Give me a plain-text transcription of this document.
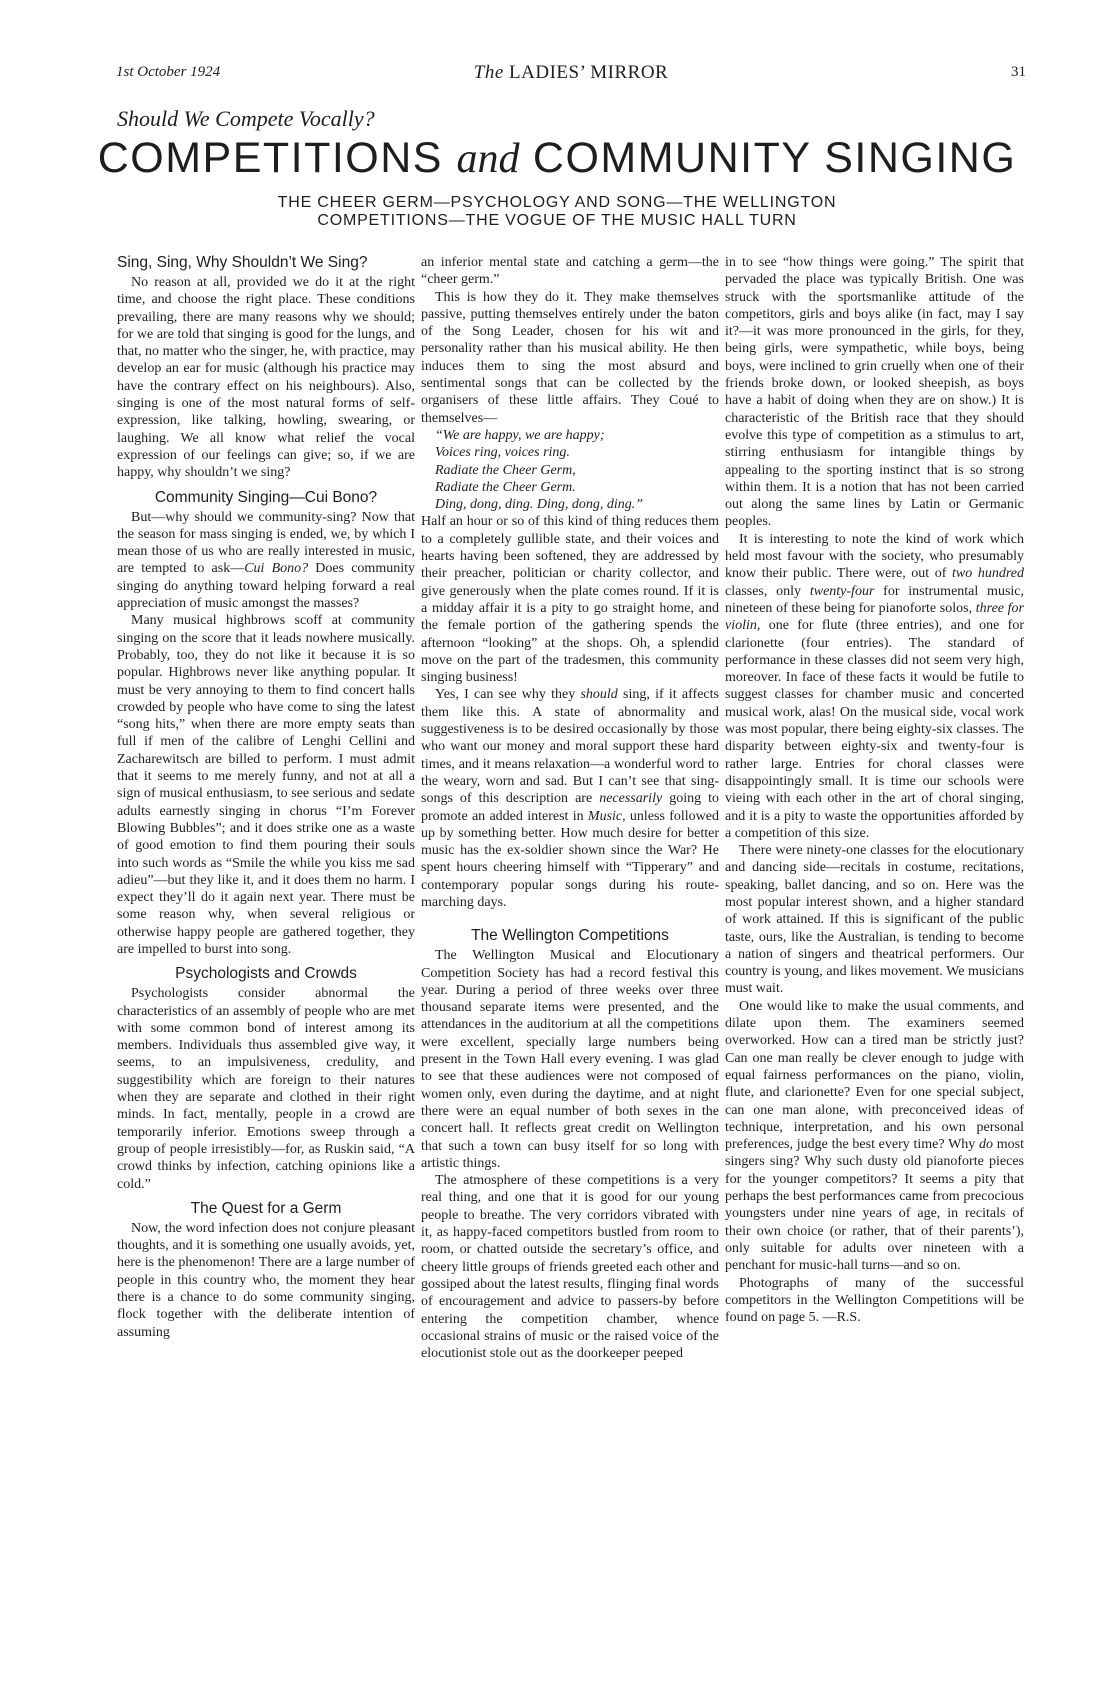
1st October 1924	The LADIES’ MIRROR	31
Should We Compete Vocally?
COMPETITIONS and COMMUNITY SINGING

THE CHEER GERM—PSYCHOLOGY AND SONG—THE WELLINGTON

COMPETITIONS—THE VOGUE OF THE MUSIC HALL TURN

Sing, Sing, Why Shouldn’t We Sing?

No reason at all, provided we do it at the right time, and choose the right place. These conditions prevailing, there are many reasons why we should; for we are told that singing is good for the lungs, and that, no matter who the singer, he, with practice, may develop an ear for music (although his practice may have the contrary effect on his neighbours). Also, singing is one of the most natural forms of self-expression, like talking, howling, swearing, or laughing. We all know what relief the vocal expression of our feelings can give; so, if we are happy, why shouldn’t we sing?

Community Singing—Cui Bono?

But—why should we community-sing? Now that the season for mass singing is ended, we, by which I mean those of us who are really interested in music, are tempted to ask—Cui Bono? Does community singing do anything toward helping forward a real appreciation of music amongst the masses?

Many musical highbrows scoff at community singing on the score that it leads nowhere musically. Probably, too, they do not like it because it is so popular. Highbrows never like anything popular. It must be very annoying to them to find concert halls crowded by people who have come to sing the latest “song hits,” when there are more empty seats than full if men of the calibre of Lenghi Cellini and Zacharewitsch are billed to perform. I must admit that it seems to me merely funny, and not at all a sign of musical enthusiasm, to see serious and sedate adults earnestly singing in chorus “I’m Forever Blowing Bubbles”; and it does strike one as a waste of good emotion to find them pouring their souls into such words as “Smile the while you kiss me sad adieu”—but they like it, and it does them no harm. I expect they’ll do it again next year. There must be some reason why, when several religious or otherwise happy people are gathered together, they are impelled to burst into song.

Psychologists and Crowds

Psychologists consider abnormal the characteristics of an assembly of people who are met with some common bond of interest among its members. Individuals thus assembled give way, it seems, to an impulsiveness, credulity, and suggestibility which are foreign to their natures when they are separate and clothed in their right minds. In fact, mentally, people in a crowd are temporarily inferior. Emotions sweep through a group of people irresistibly—for, as Ruskin said, “A crowd thinks by infection, catching opinions like a cold.”

The Quest for a Germ

Now, the word infection does not conjure pleasant thoughts, and it is something one usually avoids, yet, here is the phenomenon! There are a large number of people in this country who, the moment they hear there is a chance to do some community singing, flock together with the deliberate intention of assuming

an inferior mental state and catching a germ—the “cheer germ.”

This is how they do it. They make themselves passive, putting themselves entirely under the baton of the Song Leader, chosen for his wit and personality rather than his musical ability. He then induces them to sing the most absurd and sentimental songs that can be collected by the organisers of these little affairs. They Coué to themselves—

“We are happy, we are happy;

Voices ring, voices ring.

Radiate the Cheer Germ,

Radiate the Cheer Germ.

Ding, dong, ding. Ding, dong, ding.”

Half an hour or so of this kind of thing reduces them to a completely gullible state, and their voices and hearts having been softened, they are addressed by their preacher, politician or charity collector, and give generously when the plate comes round. If it is a midday affair it is a pity to go straight home, and the female portion of the gathering spends the afternoon “looking” at the shops. Oh, a splendid move on the part of the tradesmen, this community singing business!

Yes, I can see why they should sing, if it affects them like this. A state of abnormality and suggestiveness is to be desired occasionally by those who want our money and moral support these hard times, and it means relaxation—a wonderful word to the weary, worn and sad. But I can’t see that sing-songs of this description are necessarily going to promote an added interest in Music, unless followed up by something better. How much desire for better music has the ex-soldier shown since the War? He spent hours cheering himself with “Tipperary” and contemporary popular songs during his route-marching days.

The Wellington Competitions

The Wellington Musical and Elocutionary Competition Society has had a record festival this year. During a period of three weeks over three thousand separate items were presented, and the attendances in the auditorium at all the competitions were excellent, specially large numbers being present in the Town Hall every evening. I was glad to see that these audiences were not composed of women only, even during the daytime, and at night there were an equal number of both sexes in the concert hall. It reflects great credit on Wellington that such a town can busy itself for so long with artistic things.

The atmosphere of these competitions is a very real thing, and one that it is good for our young people to breathe. The very corridors vibrated with it, as happy-faced competitors bustled from room to room, or chatted outside the secretary’s office, and cheery little groups of friends greeted each other and gossiped about the latest results, flinging final words of encouragement and advice to passers-by before entering the competition chamber, whence occasional strains of music or the raised voice of the elocutionist stole out as the doorkeeper peeped

in to see “how things were going.” The spirit that pervaded the place was typically British. One was struck with the sportsmanlike attitude of the competitors, girls and boys alike (in fact, may I say it?—it was more pronounced in the girls, for they, being girls, were sympathetic, while boys, being boys, were inclined to grin cruelly when one of their friends broke down, or looked sheepish, as boys have a habit of doing when they are on show.) It is characteristic of the British race that they should evolve this type of competition as a stimulus to art, stirring enthusiasm for intangible things by appealing to the sporting instinct that is so strong within them. It is a notion that has not been carried out along the same lines by Latin or Germanic peoples.

It is interesting to note the kind of work which held most favour with the society, who presumably know their public. There were, out of two hundred classes, only twenty-four for instrumental music, nineteen of these being for pianoforte solos, three for violin, one for flute (three entries), and one for clarionette (four entries). The standard of performance in these classes did not seem very high, moreover. In face of these facts it would be futile to suggest classes for chamber music and concerted musical work, alas! On the musical side, vocal work was most popular, there being eighty-six classes. The disparity between eighty-six and twenty-four is rather large. Entries for choral classes were disappointingly small. It is time our schools were vieing with each other in the art of choral singing, and it is a pity to waste the opportunities afforded by a competition of this size.

There were ninety-one classes for the elocutionary and dancing side—recitals in costume, recitations, speaking, ballet dancing, and so on. Here was the most popular interest shown, and a higher standard of work attained. If this is significant of the public taste, ours, like the Australian, is tending to become a nation of singers and theatrical performers. Our country is young, and likes movement. We musicians must wait.

One would like to make the usual comments, and dilate upon them. The examiners seemed overworked. How can a tired man be strictly just? Can one man really be clever enough to judge with equal fairness performances on the piano, violin, flute, and clarionette? Even for one special subject, can one man alone, with preconceived ideas of technique, interpretation, and his own personal preferences, judge the best every time? Why do most singers sing? Why such dusty old pianoforte pieces for the younger competitors? It seems a pity that perhaps the best performances came from precocious youngsters under nine years of age, in recitals of their own choice (or rather, that of their parents’), only suitable for adults over nineteen with a penchant for music-hall turns—and so on.

Photographs of many of the successful competitors in the Wellington Competitions will be found on page 5. —R.S.
